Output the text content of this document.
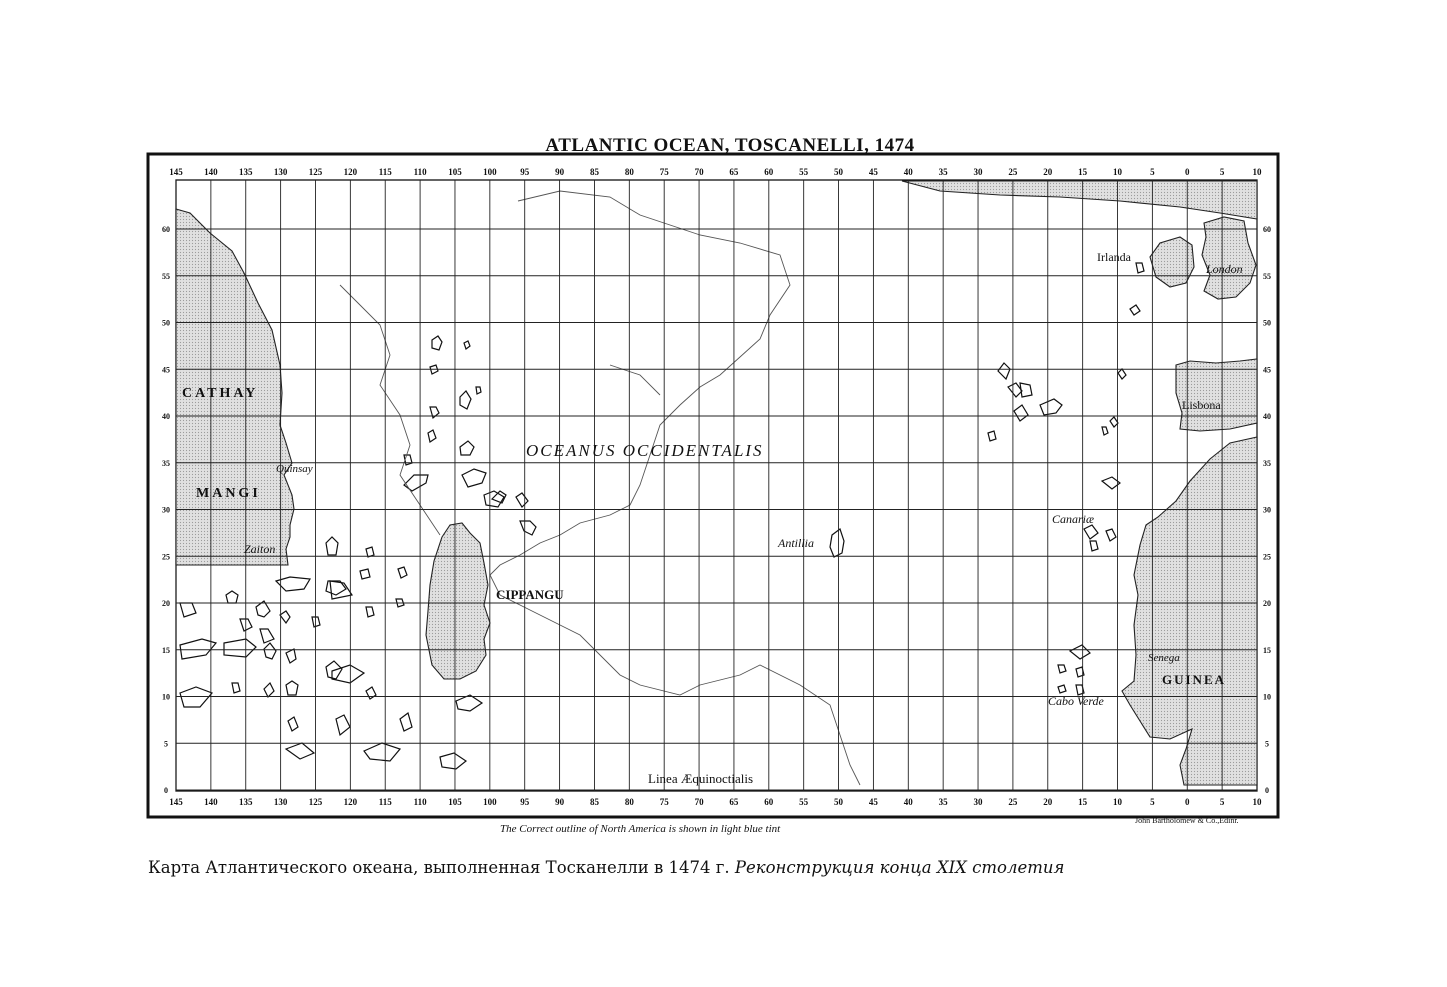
ATLANTIC OCEAN, TOSCANELLI, 1474
145 140 135 130 125 120 115 110 105 100	95	90	85	80	75	70	65	60	55	50	45	40	35	30	25	20	15	10	5	0	5	10
145 140 135 130 125 120 115 110 105 100	95	90	85	80	75	70	65	60	55	50	45	40	35	30	25	20	15	10	5	0	5	10
60
55
50
45
40
35
30
25
20
15
10
5
0
60
55
50
45
40
35
30
25
20
15
10
5
0
CATHAY
Quinsay
MANGI
Zaiton
CIPPANGU
OCEANUS OCCIDENTALIS
Antillia
Linea Æquinoctialis
Irlanda
London
Lisbona
Canariæ
Cabo Verde
Senega
GUINEA
The Correct outline of North America is shown in light blue tint
John Bartholomew & Co.,Edinr.
Карта Атлантического океана, выполненная Тосканелли в 1474 г. Реконструкция конца XIX столетия
